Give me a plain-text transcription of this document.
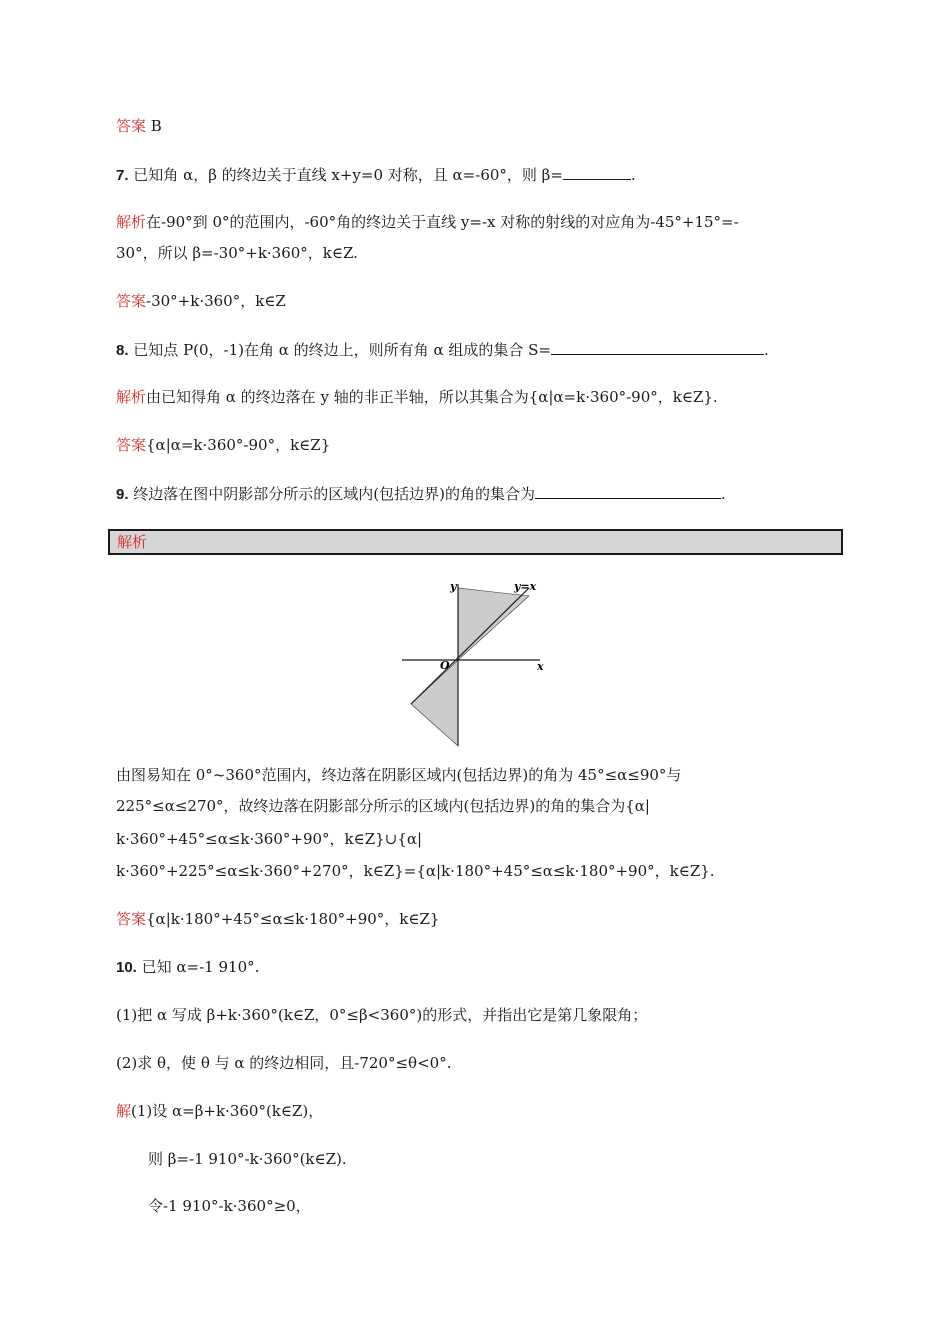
答案 B
7. 已知角 α，β 的终边关于直线 x+y=0 对称，且 α=-60°，则 β=	.
解析在-90°到 0°的范围内，-60°角的终边关于直线 y=-x 对称的射线的对应角为-45°+15°=-
30°，所以 β=-30°+k·360°，k∈Z.
答案-30°+k·360°，k∈Z
8. 已知点 P(0，-1)在角 α 的终边上，则所有角 α 组成的集合 S=	.
解析由已知得角 α 的终边落在 y 轴的非正半轴，所以其集合为{α|α=k·360°-90°，k∈Z}.
答案{α|α=k·360°-90°，k∈Z}
9. 终边落在图中阴影部分所示的区域内(包括边界)的角的集合为	.
解析
y	y=x
O	x
由图易知在 0°~360°范围内，终边落在阴影区域内(包括边界)的角为 45°≤α≤90°与
225°≤α≤270°，故终边落在阴影部分所示的区域内(包括边界)的角的集合为{α|
k·360°+45°≤α≤k·360°+90°，k∈Z}∪{α|
k·360°+225°≤α≤k·360°+270°，k∈Z}={α|k·180°+45°≤α≤k·180°+90°，k∈Z}.
答案{α|k·180°+45°≤α≤k·180°+90°，k∈Z}
10. 已知 α=-1 910°.
(1)把 α 写成 β+k·360°(k∈Z，0°≤β<360°)的形式，并指出它是第几象限角；
(2)求 θ，使 θ 与 α 的终边相同，且-720°≤θ<0°.
解(1)设 α=β+k·360°(k∈Z)，
则 β=-1 910°-k·360°(k∈Z).
令-1 910°-k·360°≥0，
